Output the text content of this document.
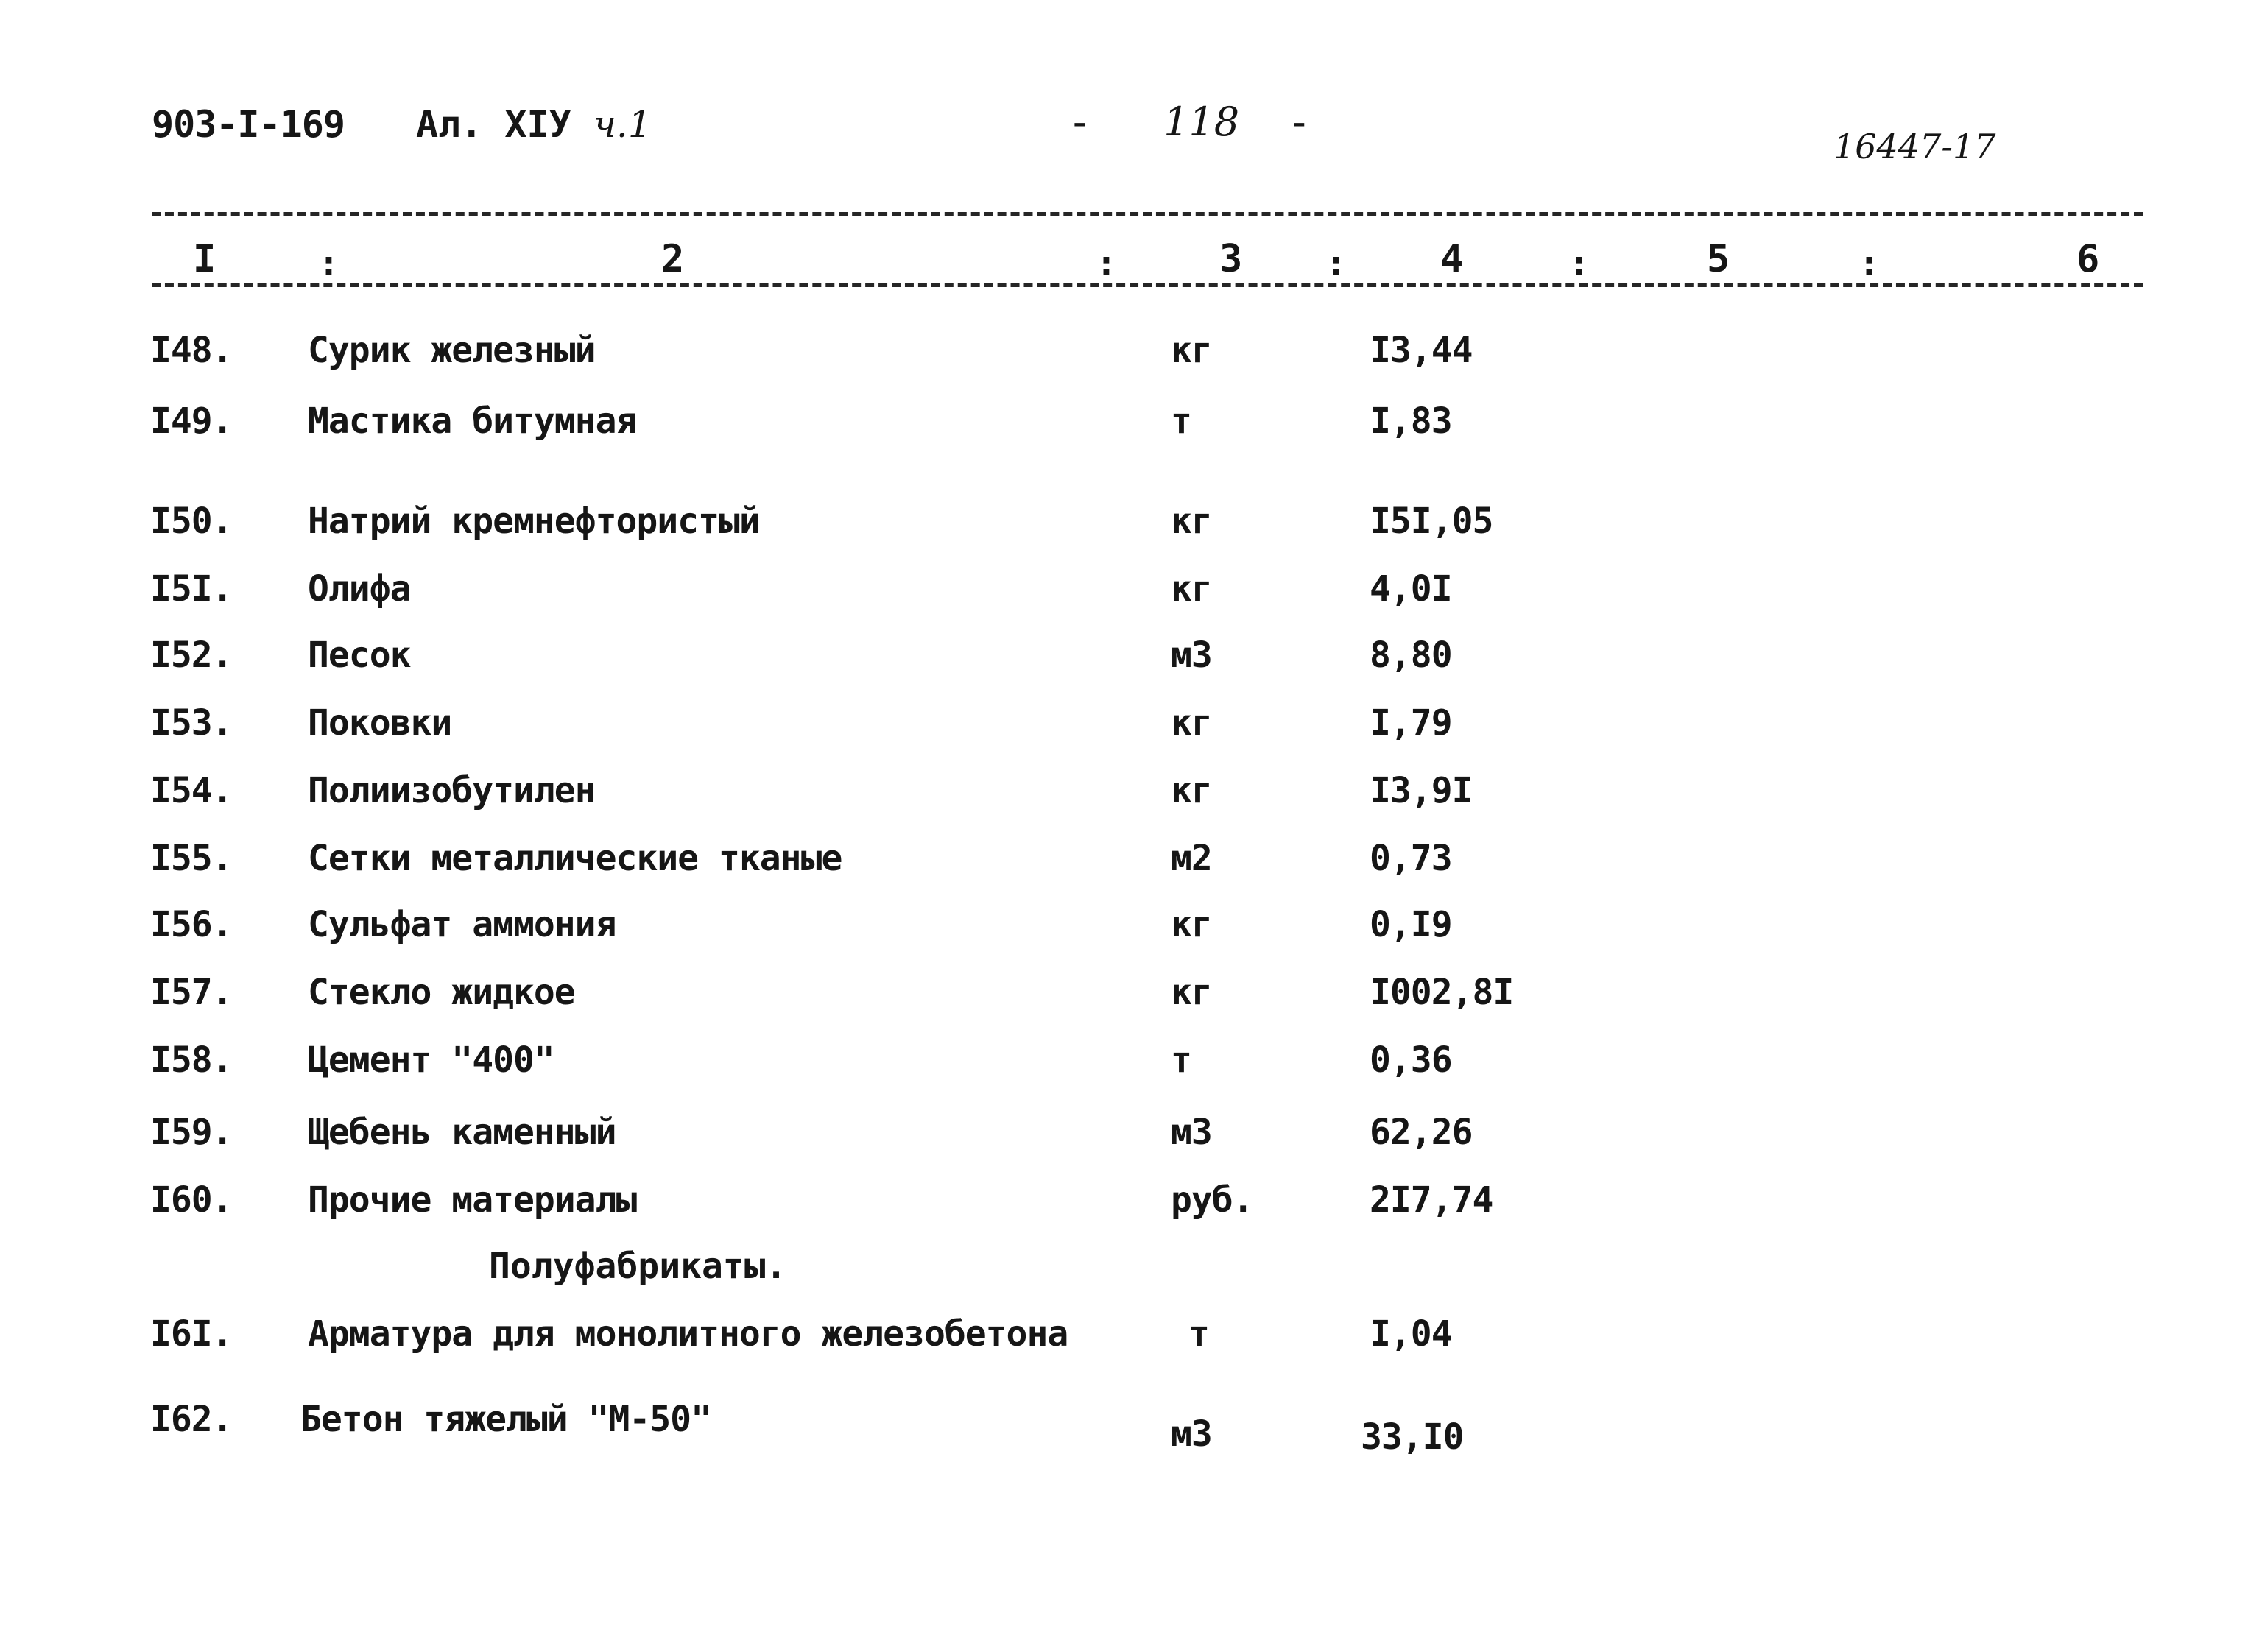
903-I-169 Ал. XIУ ч.1	- 118 -
16447-17
I	:	2	:	3 : 4	:	5	:	6
I48. Сурик железный	кг	I3,44
I49. Мастика битумная	т	I,83
I50. Натрий кремнефтористый	кг	I5I,05
I5I. Олифа	кг	4,0I
I52. Песок	м3	8,80
I53. Поковки	кг	I,79
I54. Полиизобутилен	кг	I3,9I
I55. Сетки металлические тканые	м2	0,73
I56. Сульфат аммония	кг	0,I9
I57. Стекло жидкое	кг	I002,8I
I58. Цемент "400"	т	0,36
I59. Щебень каменный	м3	62,26
I60. Прочие материалы	руб.	2I7,74
Полуфабрикаты.
I6I. Арматура для монолитного железобетона	т	I,04
I62. Бетон тяжелый "М-50"	м3	33,I0
